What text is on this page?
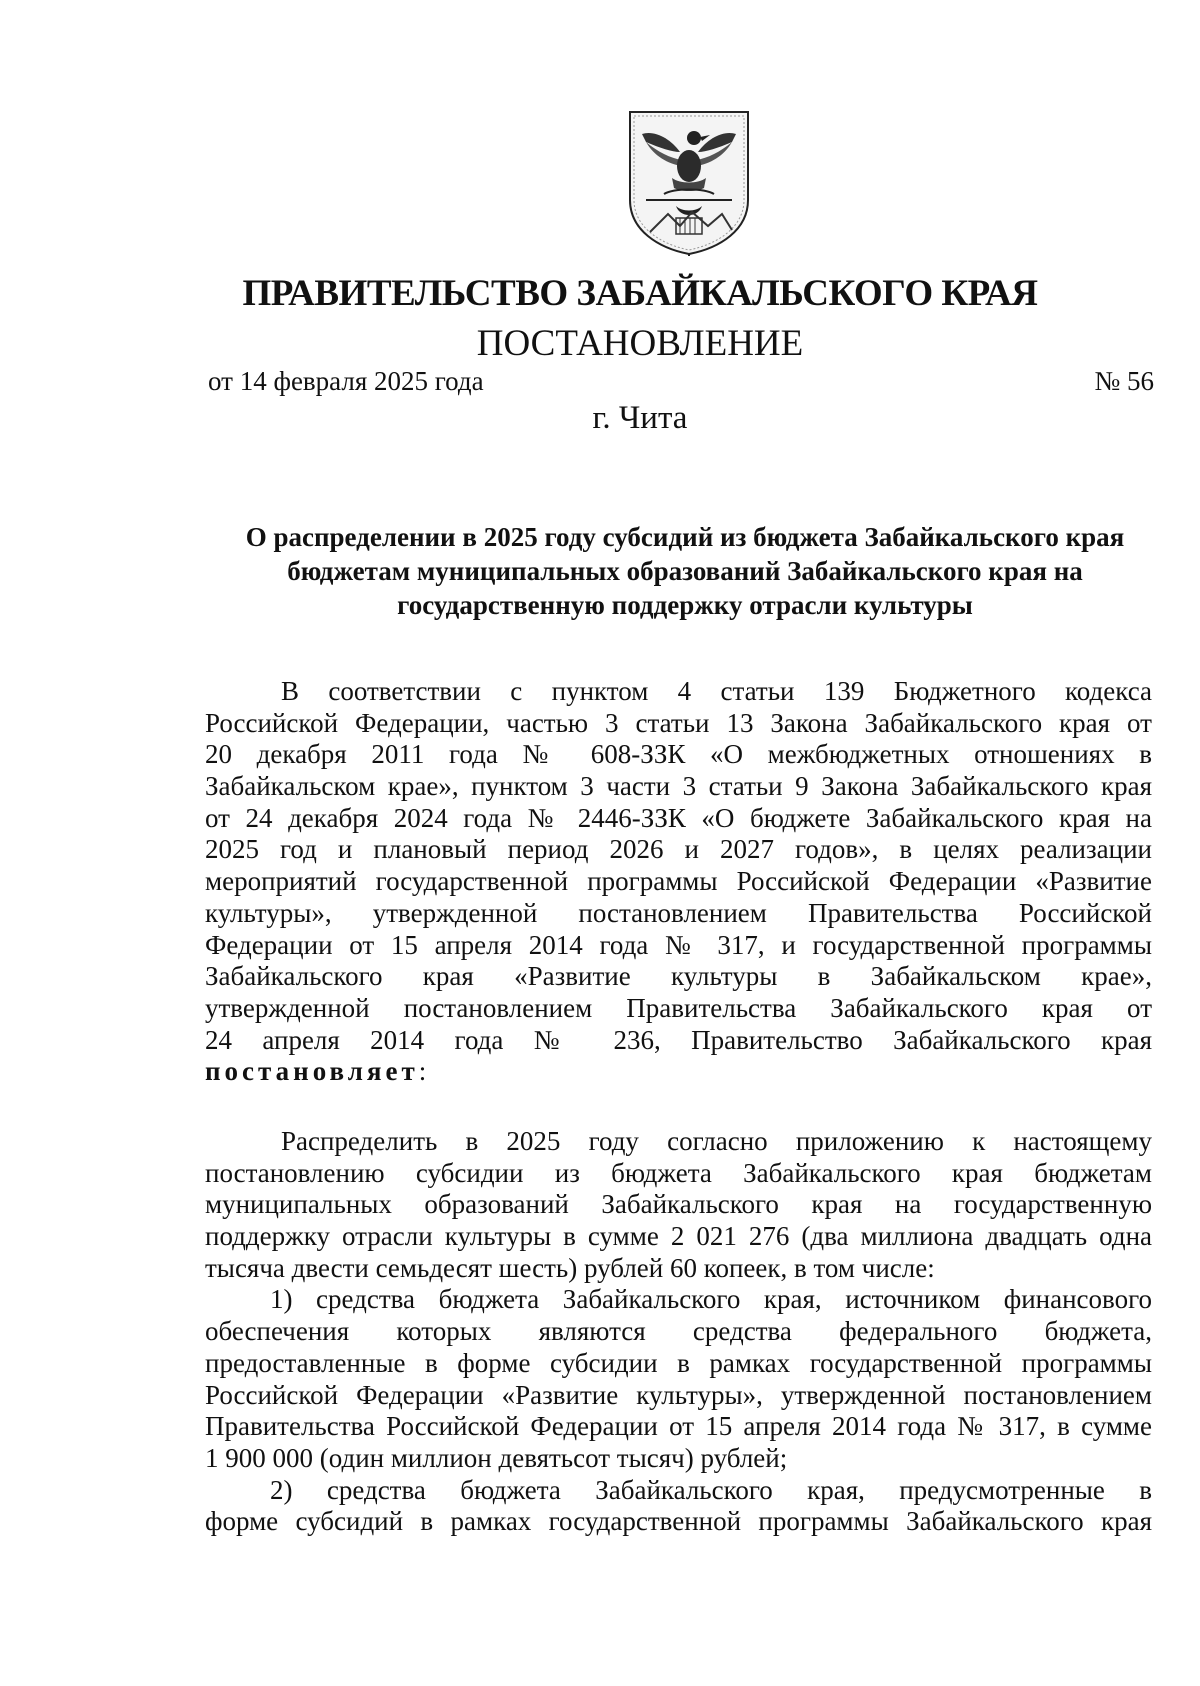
ПРАВИТЕЛЬСТВО ЗАБАЙКАЛЬСКОГО КРАЯ
ПОСТАНОВЛЕНИЕ
от 14 февраля 2025 года	№ 56
г. Чита
О распределении в 2025 году субсидий из бюджета Забайкальского края
бюджетам муниципальных образований Забайкальского края на
государственную поддержку отрасли культуры
В соответствии с пунктом 4 статьи 139 Бюджетного кодекса
Российской Федерации, частью 3 статьи 13 Закона Забайкальского края от
20 декабря 2011 года № 608-ЗЗК «О межбюджетных отношениях в
Забайкальском крае», пунктом 3 части 3 статьи 9 Закона Забайкальского края
от 24 декабря 2024 года № 2446-ЗЗК «О бюджете Забайкальского края на
2025 год и плановый период 2026 и 2027 годов», в целях реализации
мероприятий государственной программы Российской Федерации «Развитие
культуры», утвержденной постановлением Правительства Российской
Федерации от 15 апреля 2014 года № 317, и государственной программы
Забайкальского края «Развитие культуры в Забайкальском крае»,
утвержденной постановлением Правительства Забайкальского края от
24 апреля 2014 года № 236, Правительство Забайкальского края
постановляет:
Распределить в 2025 году согласно приложению к настоящему
постановлению субсидии из бюджета Забайкальского края бюджетам
муниципальных образований Забайкальского края на государственную
поддержку отрасли культуры в сумме 2 021 276 (два миллиона двадцать одна
тысяча двести семьдесят шесть) рублей 60 копеек, в том числе:
1) средства бюджета Забайкальского края, источником финансового
обеспечения которых являются средства федерального бюджета,
предоставленные в форме субсидии в рамках государственной программы
Российской Федерации «Развитие культуры», утвержденной постановлением
Правительства Российской Федерации от 15 апреля 2014 года № 317, в сумме
1 900 000 (один миллион девятьсот тысяч) рублей;
2) средства бюджета Забайкальского края, предусмотренные в
форме субсидий в рамках государственной программы Забайкальского края
